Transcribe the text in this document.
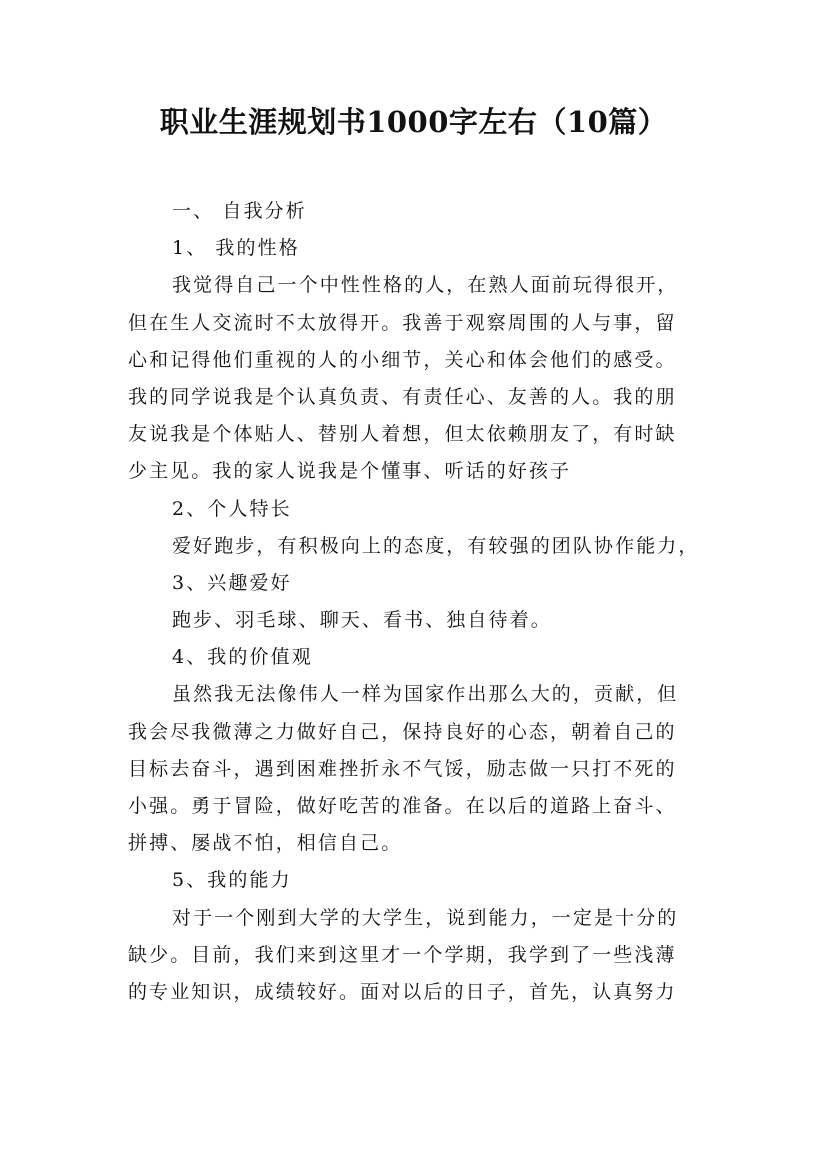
职业生涯规划书1000字左右（10篇）
一、 自我分析
1、 我的性格
我觉得自己一个中性性格的人，在熟人面前玩得很开，
但在生人交流时不太放得开。我善于观察周围的人与事，留
心和记得他们重视的人的小细节，关心和体会他们的感受。
我的同学说我是个认真负责、有责任心、友善的人。我的朋
友说我是个体贴人、替别人着想，但太依赖朋友了，有时缺
少主见。我的家人说我是个懂事、听话的好孩子
2、个人特长
爱好跑步，有积极向上的态度，有较强的团队协作能力，
3、兴趣爱好
跑步、羽毛球、聊天、看书、独自待着。
4、我的价值观
虽然我无法像伟人一样为国家作出那么大的，贡献，但
我会尽我微薄之力做好自己，保持良好的心态，朝着自己的
目标去奋斗，遇到困难挫折永不气馁，励志做一只打不死的
小强。勇于冒险，做好吃苦的准备。在以后的道路上奋斗、
拼搏、屡战不怕，相信自己。
5、我的能力
对于一个刚到大学的大学生，说到能力，一定是十分的
缺少。目前，我们来到这里才一个学期，我学到了一些浅薄
的专业知识，成绩较好。面对以后的日子，首先，认真努力
